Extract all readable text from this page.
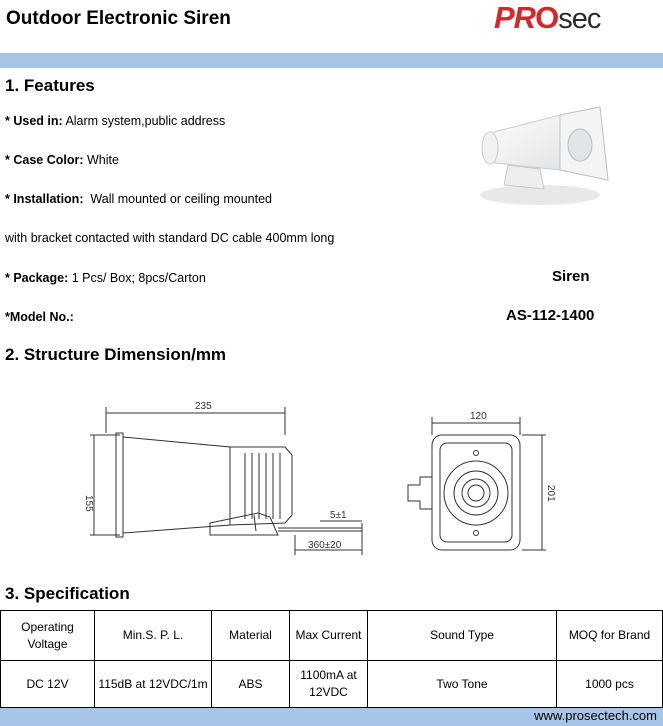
Outdoor Electronic Siren	PROsec
1. Features
* Used in: Alarm system,public address
* Case Color: White
* Installation:  Wall mounted or ceiling mounted
with bracket contacted with standard DC cable 400mm long
* Package: 1 Pcs/ Box; 8pcs/Carton
*Model No.:
Siren
AS-112-1400
2. Structure Dimension/mm
235
155
5±1
360±20
120
201
3. Specification
Operating Voltage	Min.S. P. L.	Material	Max Current	Sound Type	MOQ for Brand
DC 12V	115dB at 12VDC/1m	ABS	1100mA at 12VDC	Two Tone	1000 pcs
www.prosectech.com
